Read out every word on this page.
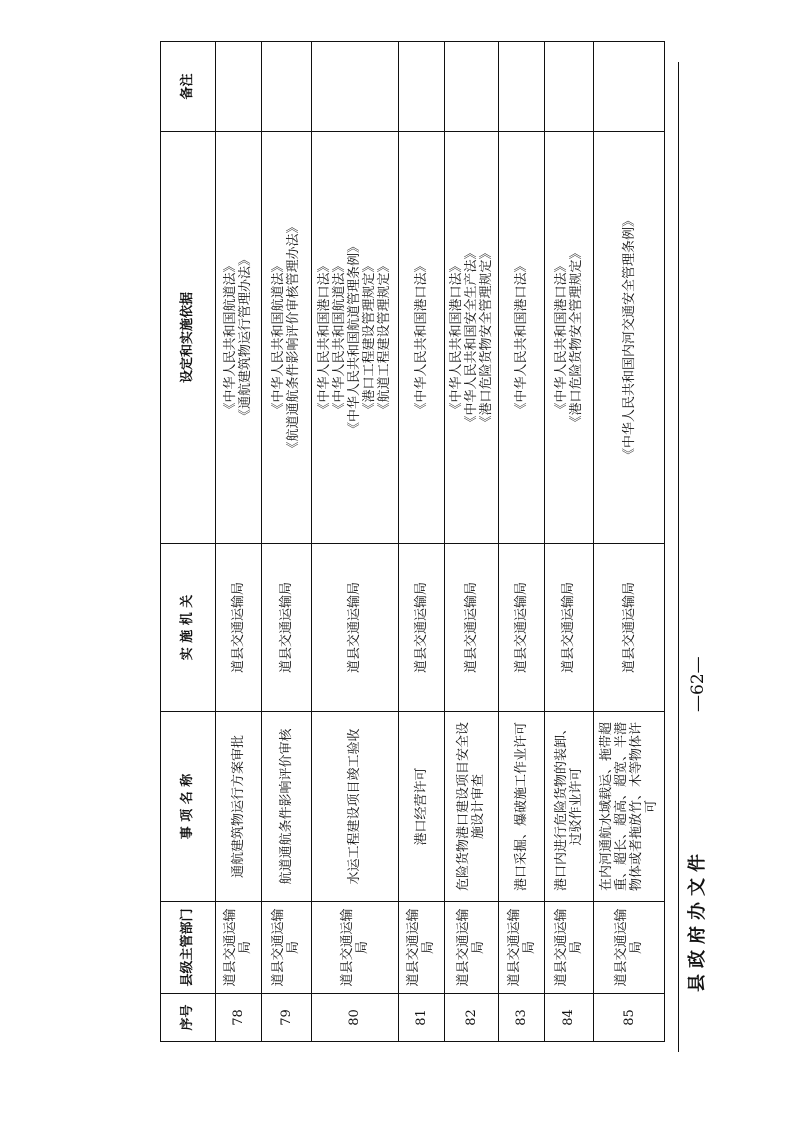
县政府办文件
序号	县级主管部门	事 项 名 称	实 施 机 关	设定和实施依据	备注
78	道县交通运输局	通航建筑物运行方案审批	道县交通运输局	《中华人民共和国航道法》 《通航建筑物运行管理办法》	

79	道县交通运输局	航道通航条件影响评价审核	道县交通运输局	《中华人民共和国航道法》 《航道通航条件影响评价审核管理办法》	

80	道县交通运输局	水运工程建设项目竣工验收	道县交通运输局	《中华人民共和国港口法》 《中华人民共和国航道法》 《中华人民共和国航道管理条例》 《港口工程建设管理规定》 《航道工程建设管理规定》	

81	道县交通运输局	港口经营许可	道县交通运输局	《中华人民共和国港口法》	

82	道县交通运输局	危险货物港口建设项目安全设施设计审查	道县交通运输局	《中华人民共和国港口法》 《中华人民共和国安全生产法》 《港口危险货物安全管理规定》	

83	道县交通运输局	港口采掘、爆破施工作业许可	道县交通运输局	《中华人民共和国港口法》	

84	道县交通运输局	港口内进行危险货物的装卸、过驳作业许可	道县交通运输局	《中华人民共和国港口法》 《港口危险货物安全管理规定》	

85	道县交通运输局	在内河通航水域载运、拖带超重、超长、超高、超宽、半潜物体或者拖放竹、木等物体许可	道县交通运输局	《中华人民共和国内河交通安全管理条例》	

—62—
